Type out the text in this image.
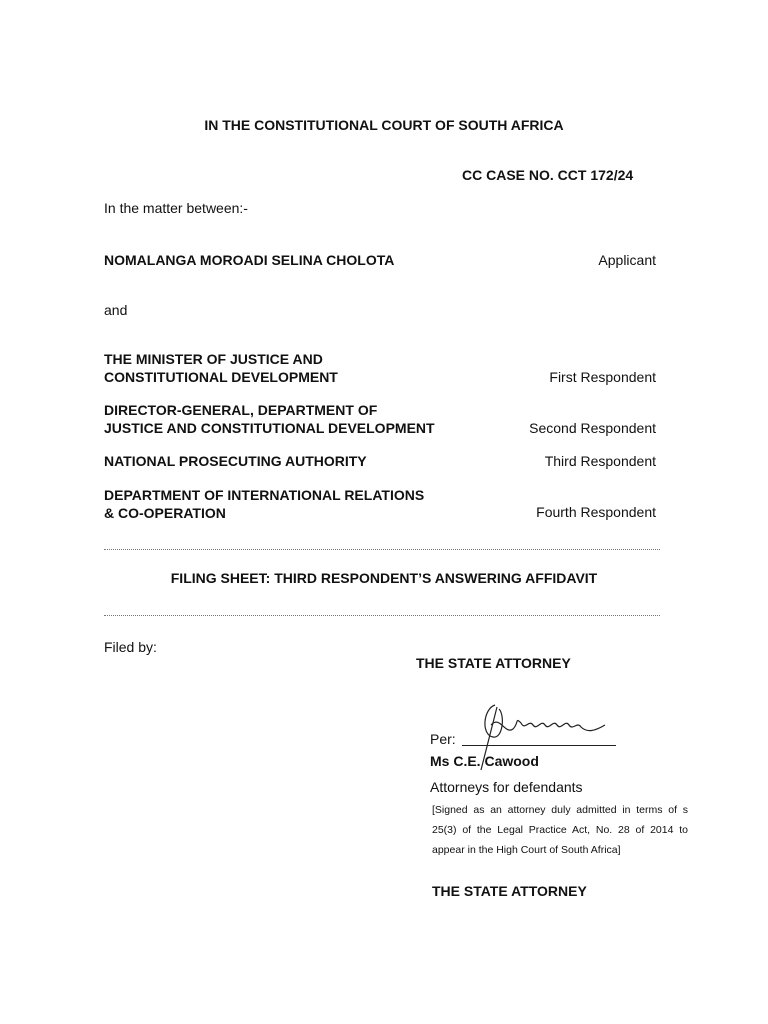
IN THE CONSTITUTIONAL COURT OF SOUTH AFRICA
CC CASE NO. CCT 172/24
In the matter between:-
NOMALANGA MOROADI SELINA CHOLOTA	Applicant
and
THE MINISTER OF JUSTICE AND
CONSTITUTIONAL DEVELOPMENT	First Respondent
DIRECTOR-GENERAL, DEPARTMENT OF
JUSTICE AND CONSTITUTIONAL DEVELOPMENT	Second Respondent
NATIONAL PROSECUTING AUTHORITY	Third Respondent
DEPARTMENT OF INTERNATIONAL RELATIONS
& CO-OPERATION	Fourth Respondent
FILING SHEET: THIRD RESPONDENT’S ANSWERING AFFIDAVIT
Filed by:
THE STATE ATTORNEY
Per:
Ms C.E. Cawood
Attorneys for defendants
[Signed as an attorney duly admitted in terms of s 25(3) of the Legal Practice Act, No. 28 of 2014 to appear in the High Court of South Africa]
THE STATE ATTORNEY
